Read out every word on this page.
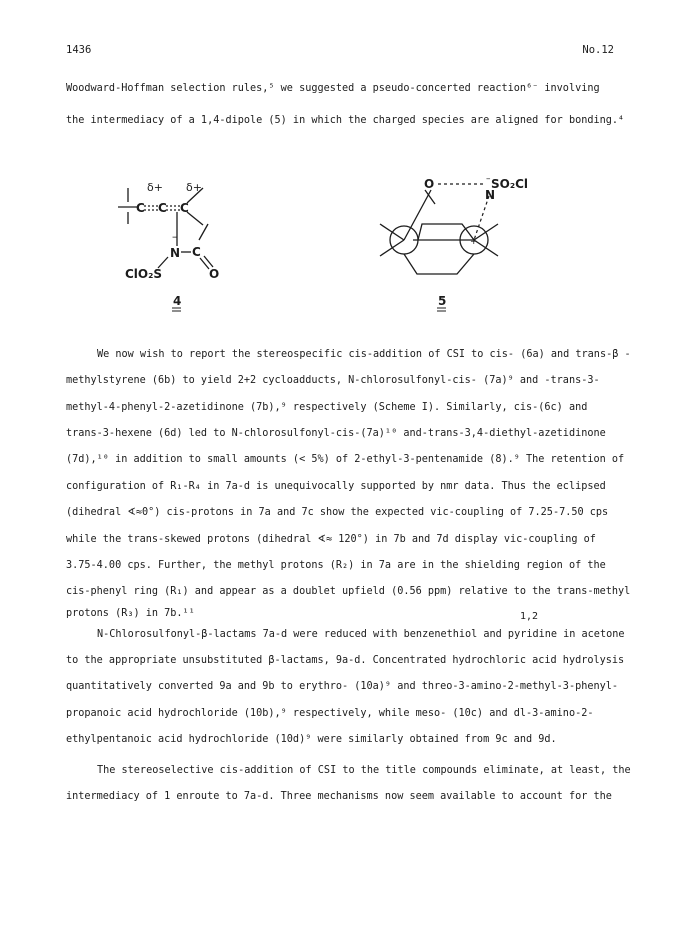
1436	No.12
Woodward-Hoffman selection rules,⁵ we suggested a pseudo-concerted reaction⁶⁻ involving
the intermediacy of a 1,4-dipole (5) in which the charged species are aligned for bonding.⁴
δ+ δ+
C C C
N
–
C
O
ClO₂S
4
O	SO₂Cl
N
–
+
5
We now wish to report the stereospecific cis-addition of CSI to cis- (6a) and trans-β -
methylstyrene (6b) to yield 2+2 cycloadducts, N-chlorosulfonyl-cis- (7a)⁹ and -trans-3-
methyl-4-phenyl-2-azetidinone (7b),⁹ respectively (Scheme I). Similarly, cis-(6c) and
trans-3-hexene (6d) led to N-chlorosulfonyl-cis-(7a)¹⁰ and-trans-3,4-diethyl-azetidinone
(7d),¹⁰ in addition to small amounts (< 5%) of 2-ethyl-3-pentenamide (8).⁹ The retention of
configuration of R₁-R₄ in 7a-d is unequivocally supported by nmr data. Thus the eclipsed
(dihedral ∢≈0°) cis-protons in 7a and 7c show the expected vic-coupling of 7.25-7.50 cps
while the trans-skewed protons (dihedral ∢≈ 120°) in 7b and 7d display vic-coupling of
3.75-4.00 cps. Further, the methyl protons (R₂) in 7a are in the shielding region of the
cis-phenyl ring (R₁) and appear as a doublet upfield (0.56 ppm) relative to the trans-methyl
protons (R₃) in 7b.¹¹	1,2
N-Chlorosulfonyl-β-lactams 7a-d were reduced with benzenethiol and pyridine in acetone
to the appropriate unsubstituted β-lactams, 9a-d. Concentrated hydrochloric acid hydrolysis
quantitatively converted 9a and 9b to erythro- (10a)⁹ and threo-3-amino-2-methyl-3-phenyl-
propanoic acid hydrochloride (10b),⁹ respectively, while meso- (10c) and dl-3-amino-2-
ethylpentanoic acid hydrochloride (10d)⁹ were similarly obtained from 9c and 9d.
The stereoselective cis-addition of CSI to the title compounds eliminate, at least, the
intermediacy of 1 enroute to 7a-d. Three mechanisms now seem available to account for the
